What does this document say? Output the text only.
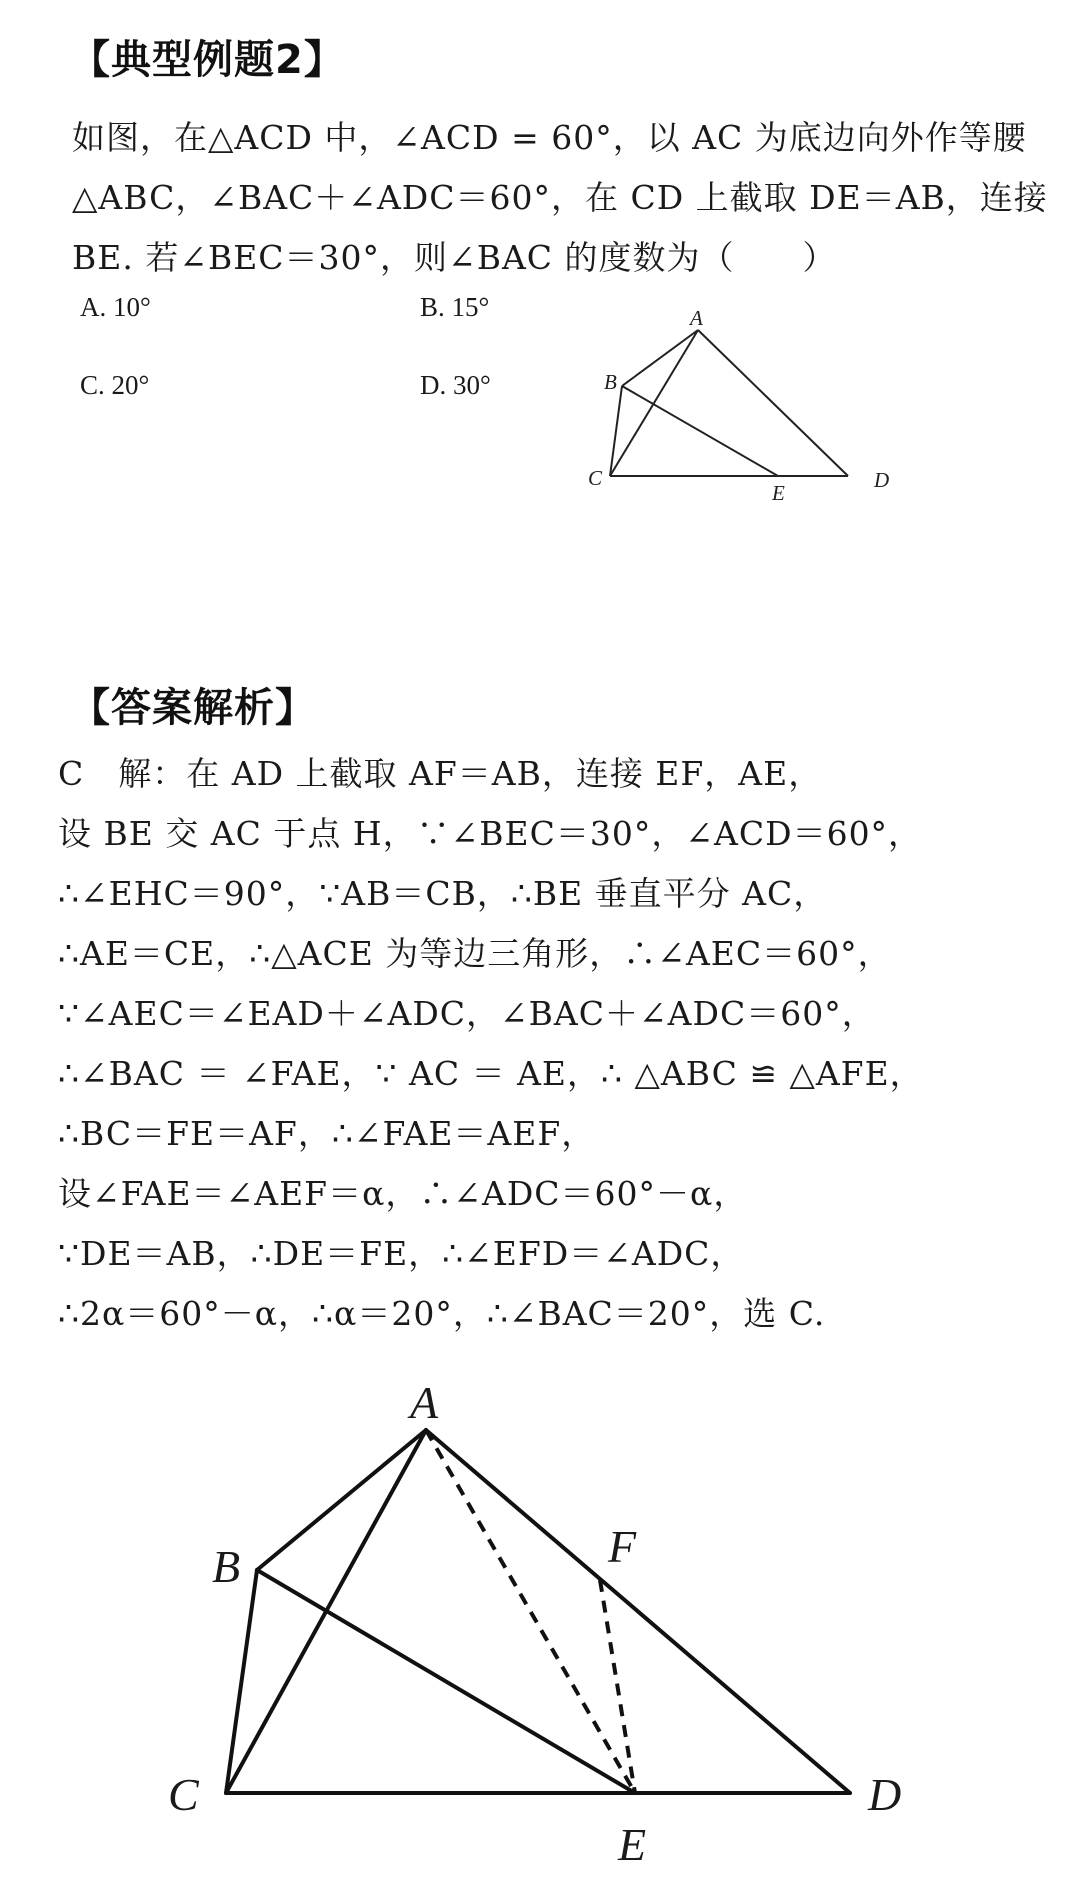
【典型例题2】
如图，在△ACD 中，∠ACD = 60°，以 AC 为底边向外作等腰
△ABC，∠BAC＋∠ADC＝60°，在 CD 上截取 DE＝AB，连接
BE. 若∠BEC＝30°，则∠BAC 的度数为（　　）
A. 10°	B. 15°
C. 20°	D. 30°
A
B
C
E
D
【答案解析】
C　解：在 AD 上截取 AF＝AB，连接 EF，AE，
设 BE 交 AC 于点 H，∵∠BEC＝30°，∠ACD＝60°，
∴∠EHC＝90°，∵AB＝CB，∴BE 垂直平分 AC，
∴AE＝CE，∴△ACE 为等边三角形，∴∠AEC＝60°，
∵∠AEC＝∠EAD＋∠ADC，∠BAC＋∠ADC＝60°，
∴∠BAC ＝ ∠FAE，∵ AC ＝ AE，∴ △ABC ≌ △AFE，
∴BC＝FE＝AF，∴∠FAE＝AEF，
设∠FAE＝∠AEF＝α，∴∠ADC＝60°－α，
∵DE＝AB，∴DE＝FE，∴∠EFD＝∠ADC，
∴2α＝60°－α，∴α＝20°，∴∠BAC＝20°，选 C.
A
B	F
C
E
D
